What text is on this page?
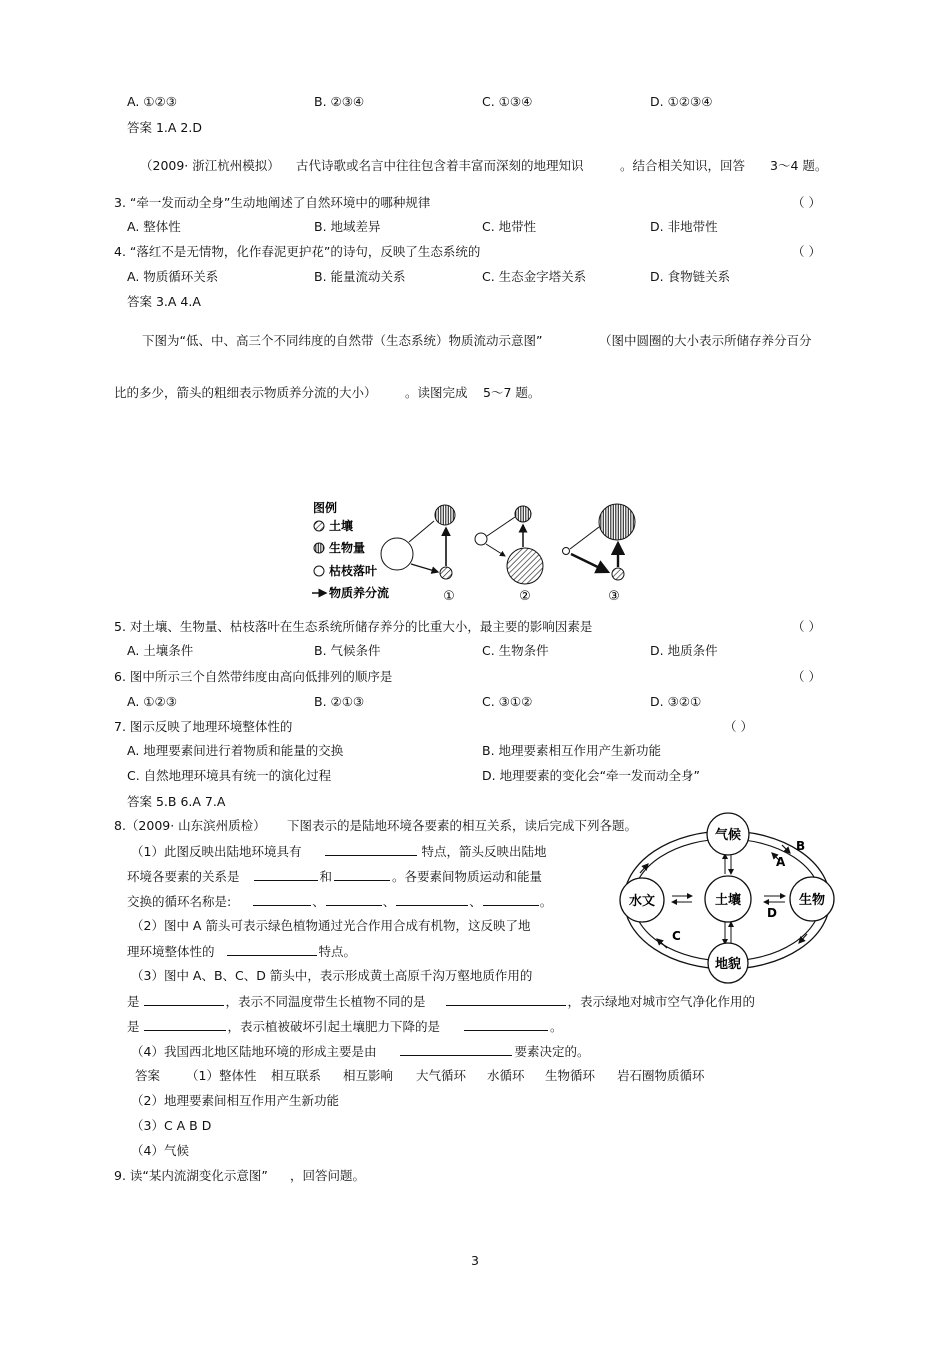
A. ①②③	B. ②③④	C. ①③④	D. ①②③④
答案 1.A 2.D
（2009· 浙江杭州模拟） 古代诗歌或名言中往往包含着丰富而深刻的地理知识	。结合相关知识，回答 3～4 题。
3. “牵一发而动全身”生动地阐述了自然环境中的哪种规律	（ ）
A. 整体性	B. 地域差异	C. 地带性	D. 非地带性
4. “落红不是无情物，化作春泥更护花”的诗句，反映了生态系统的	（ ）
A. 物质循环关系	B. 能量流动关系	C. 生态金字塔关系	D. 食物链关系
答案 3.A 4.A
下图为“低、中、高三个不同纬度的自然带（生态系统）物质流动示意图”	（图中圆圈的大小表示所储存养分百分
比的多少，箭头的粗细表示物质养分流的大小） 。读图完成 5～7 题。
图例
土壤
生物量
枯枝落叶
物质养分流	①	②	③
5. 对土壤、生物量、枯枝落叶在生态系统所储存养分的比重大小，最主要的影响因素是	（ ）
A. 土壤条件	B. 气候条件	C. 生物条件	D. 地质条件
6. 图中所示三个自然带纬度由高向低排列的顺序是	（ ）
A. ①②③	B. ②①③	C. ③①②	D. ③②①
7. 图示反映了地理环境整体性的	（ ）
A. 地理要素间进行着物质和能量的交换	B. 地理要素相互作用产生新功能
C. 自然地理环境具有统一的演化过程	D. 地理要素的变化会“牵一发而动全身”
答案 5.B 6.A 7.A
8.（2009· 山东滨州质检） 下图表示的是陆地环境各要素的相互关系，读后完成下列各题。
（1）此图反映出陆地环境具有	特点，箭头反映出陆地
环境各要素的关系是	和	。各要素间物质运动和能量
交换的循环名称是:	、	、	、	。
（2）图中 A 箭头可表示绿色植物通过光合作用合成有机物，这反映了地
理环境整体性的	特点。
（3）图中 A、B、C、D 箭头中，表示形成黄土高原千沟万壑地质作用的
是	，表示不同温度带生长植物不同的是	，表示绿地对城市空气净化作用的
是	，表示植被破坏引起土壤肥力下降的是	。
（4）我国西北地区陆地环境的形成主要是由	要素决定的。
答案 （1）整体性 相互联系 相互影响 大气循环 水循环 生物循环 岩石圈物质循环
（2）地理要素间相互作用产生新功能
（3）C A B D
（4）气候
B
A
C
D
气候
水文	土壤	生物
地貌
9. 读“某内流湖变化示意图” ，回答问题。
3
